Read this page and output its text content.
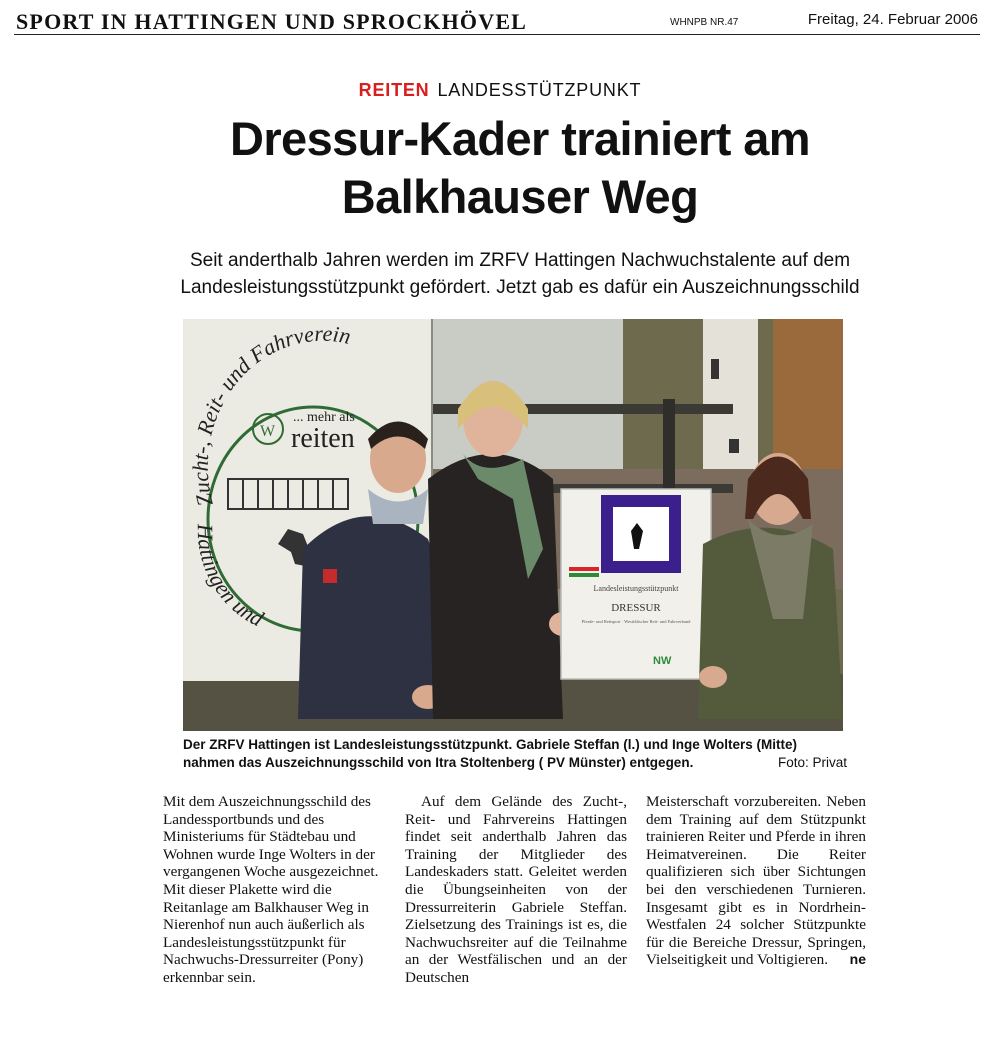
SPORT IN HATTINGEN UND SPROCKHÖVEL	WHNPB NR.47	Freitag, 24. Februar 2006
REITEN LANDESSTÜTZPUNKT
Dressur-Kader trainiert am
Balkhauser Weg
Seit anderthalb Jahren werden im ZRFV Hattingen Nachwuchstalente auf dem
Landesleistungsstützpunkt gefördert. Jetzt gab es dafür ein Auszeichnungsschild
Zucht-, Reit- und Fahrverein
Hattingen und
W
... mehr als
reiten
Landesleistungsstützpunkt
DRESSUR
Pferde- und Reitsport · Westfälischer Reit- und Fahrverband
NW
Der ZRFV Hattingen ist Landesleistungsstützpunkt. Gabriele Steffan (l.) und Inge Wolters (Mitte)
nahmen das Auszeichnungsschild von Itra Stoltenberg ( PV Münster) entgegen.	Foto: Privat
Mit dem Auszeichnungsschild des Landessportbunds und des Ministeriums für Städtebau und Wohnen wurde Inge Wolters in der vergangenen Woche ausgezeichnet. Mit dieser Plakette wird die Reitanlage am Balkhauser Weg in Nierenhof nun auch äußerlich als Landesleistungsstützpunkt für Nachwuchs-Dressurreiter (Pony) erkennbar sein.
Auf dem Gelände des Zucht-, Reit- und Fahrvereins Hattingen findet seit anderthalb Jahren das Training der Mitglieder des Landeskaders statt. Geleitet werden die Übungseinheiten von der Dressurreiterin Gabriele Steffan. Zielsetzung des Trainings ist es, die Nachwuchsreiter auf die Teilnahme an der Westfälischen und an der Deutschen
Meisterschaft vorzubereiten. Neben dem Training auf dem Stützpunkt trainieren Reiter und Pferde in ihren Heimatvereinen. Die Reiter qualifizieren sich über Sichtungen bei den verschiedenen Turnieren. Insgesamt gibt es in Nordrhein-Westfalen 24 solcher Stützpunkte für die Bereiche Dressur, Springen, Vielseitigkeit und Voltigieren. ne
